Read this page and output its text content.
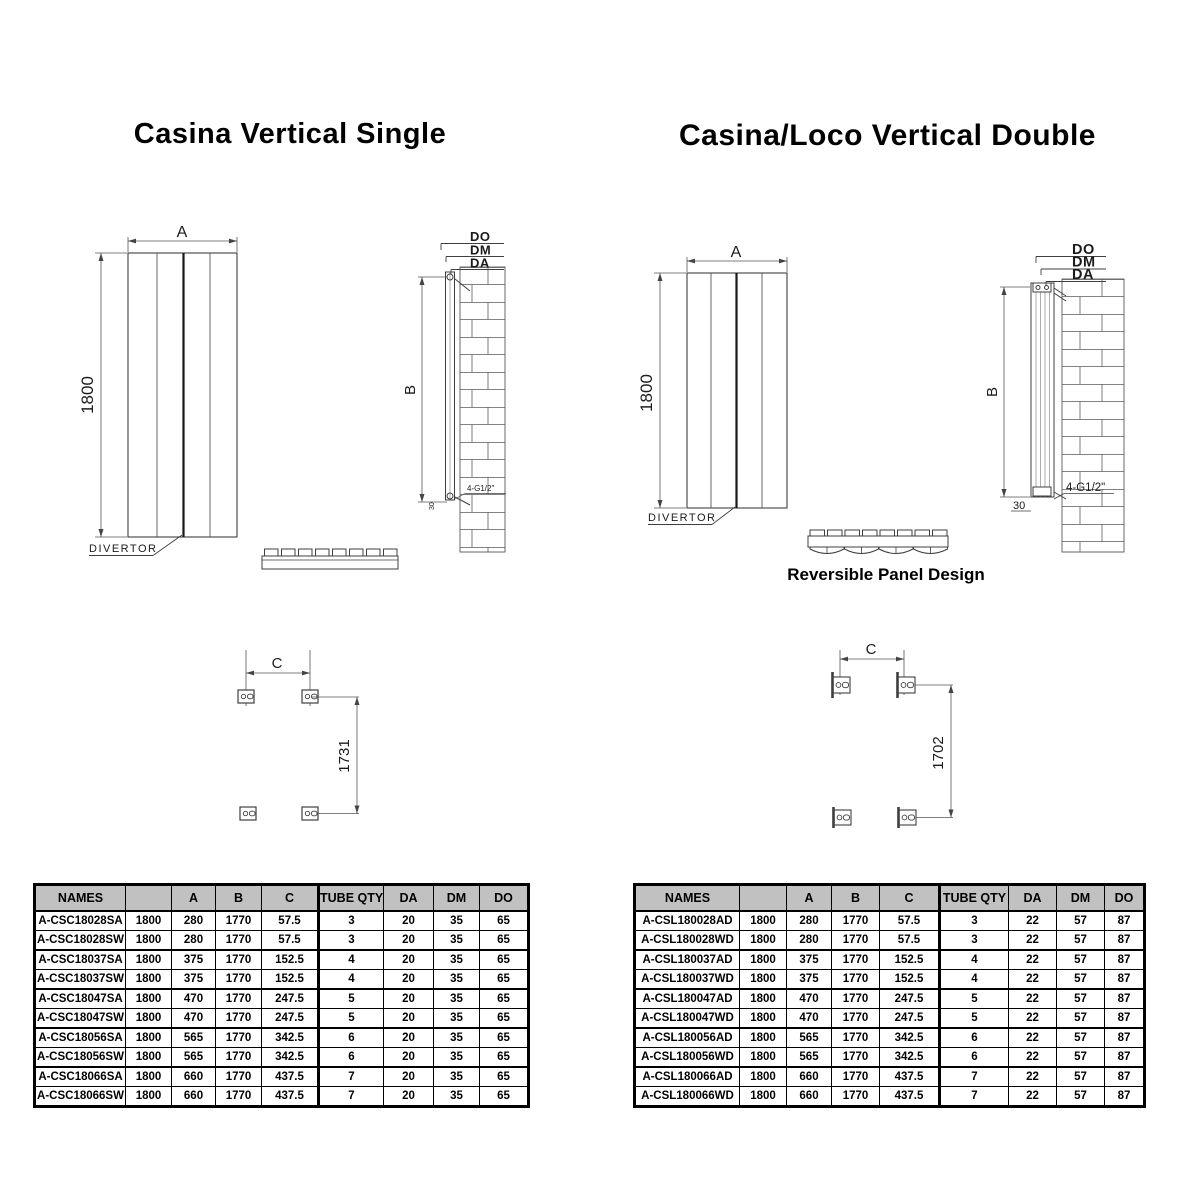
Casina Vertical Single	Casina/Loco Vertical Double
A
1800
DIVERTOR
B
DO
DM
DA
4-G1/2"
30
A
1800
DIVERTOR
B
DO
DM
DA
4-G1/2"
30
Reversible Panel Design
C
1731
C
1702
NAMES		A	B	C	TUBE QTY	DA	DM	DO
A-CSC18028SA	1800	280	1770	57.5	3	20	35	65
A-CSC18028SW	1800	280	1770	57.5	3	20	35	65
A-CSC18037SA	1800	375	1770	152.5	4	20	35	65
A-CSC18037SW	1800	375	1770	152.5	4	20	35	65
A-CSC18047SA	1800	470	1770	247.5	5	20	35	65
A-CSC18047SW	1800	470	1770	247.5	5	20	35	65
A-CSC18056SA	1800	565	1770	342.5	6	20	35	65
A-CSC18056SW	1800	565	1770	342.5	6	20	35	65
A-CSC18066SA	1800	660	1770	437.5	7	20	35	65
A-CSC18066SW	1800	660	1770	437.5	7	20	35	65
NAMES		A	B	C	TUBE QTY	DA	DM	DO
A-CSL180028AD	1800	280	1770	57.5	3	22	57	87
A-CSL180028WD	1800	280	1770	57.5	3	22	57	87
A-CSL180037AD	1800	375	1770	152.5	4	22	57	87
A-CSL180037WD	1800	375	1770	152.5	4	22	57	87
A-CSL180047AD	1800	470	1770	247.5	5	22	57	87
A-CSL180047WD	1800	470	1770	247.5	5	22	57	87
A-CSL180056AD	1800	565	1770	342.5	6	22	57	87
A-CSL180056WD	1800	565	1770	342.5	6	22	57	87
A-CSL180066AD	1800	660	1770	437.5	7	22	57	87
A-CSL180066WD	1800	660	1770	437.5	7	22	57	87
